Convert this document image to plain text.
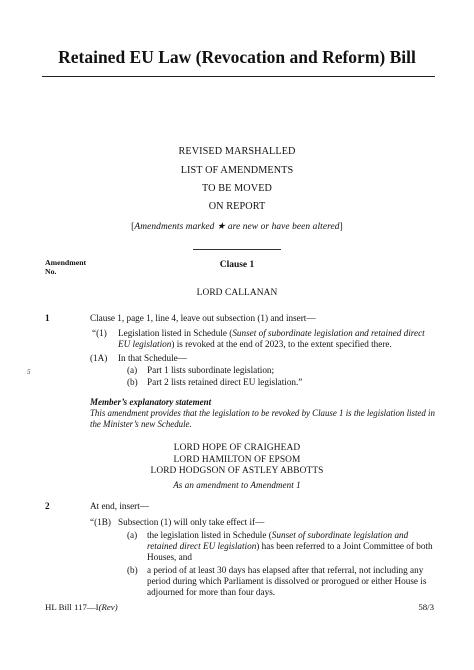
Retained EU Law (Revocation and Reform) Bill
REVISED MARSHALLED
LIST OF AMENDMENTS
TO BE MOVED
ON REPORT
[Amendments marked ★ are new or have been altered]
Amendment
No.
Clause 1
LORD CALLANAN
1	Clause 1, page 1, line 4, leave out subsection (1) and insert—
“(1) Legislation listed in Schedule (Sunset of subordinate legislation and retained direct EU legislation) is revoked at the end of 2023, to the extent specified there.
(1A) In that Schedule—
(a) Part 1 lists subordinate legislation;
5
(b) Part 2 lists retained direct EU legislation.”
Member’s explanatory statement
This amendment provides that the legislation to be revoked by Clause 1 is the legislation listed in the Minister’s new Schedule.
LORD HOPE OF CRAIGHEAD
LORD HAMILTON OF EPSOM
LORD HODGSON OF ASTLEY ABBOTTS
As an amendment to Amendment 1
2	At end, insert—
“(1B) Subsection (1) will only take effect if—
(a) the legislation listed in Schedule (Sunset of subordinate legislation and retained direct EU legislation) has been referred to a Joint Committee of both Houses, and
(b) a period of at least 30 days has elapsed after that referral, not including any period during which Parliament is dissolved or prorogued or either House is adjourned for more than four days.
HL Bill 117—I(Rev)	58/3
